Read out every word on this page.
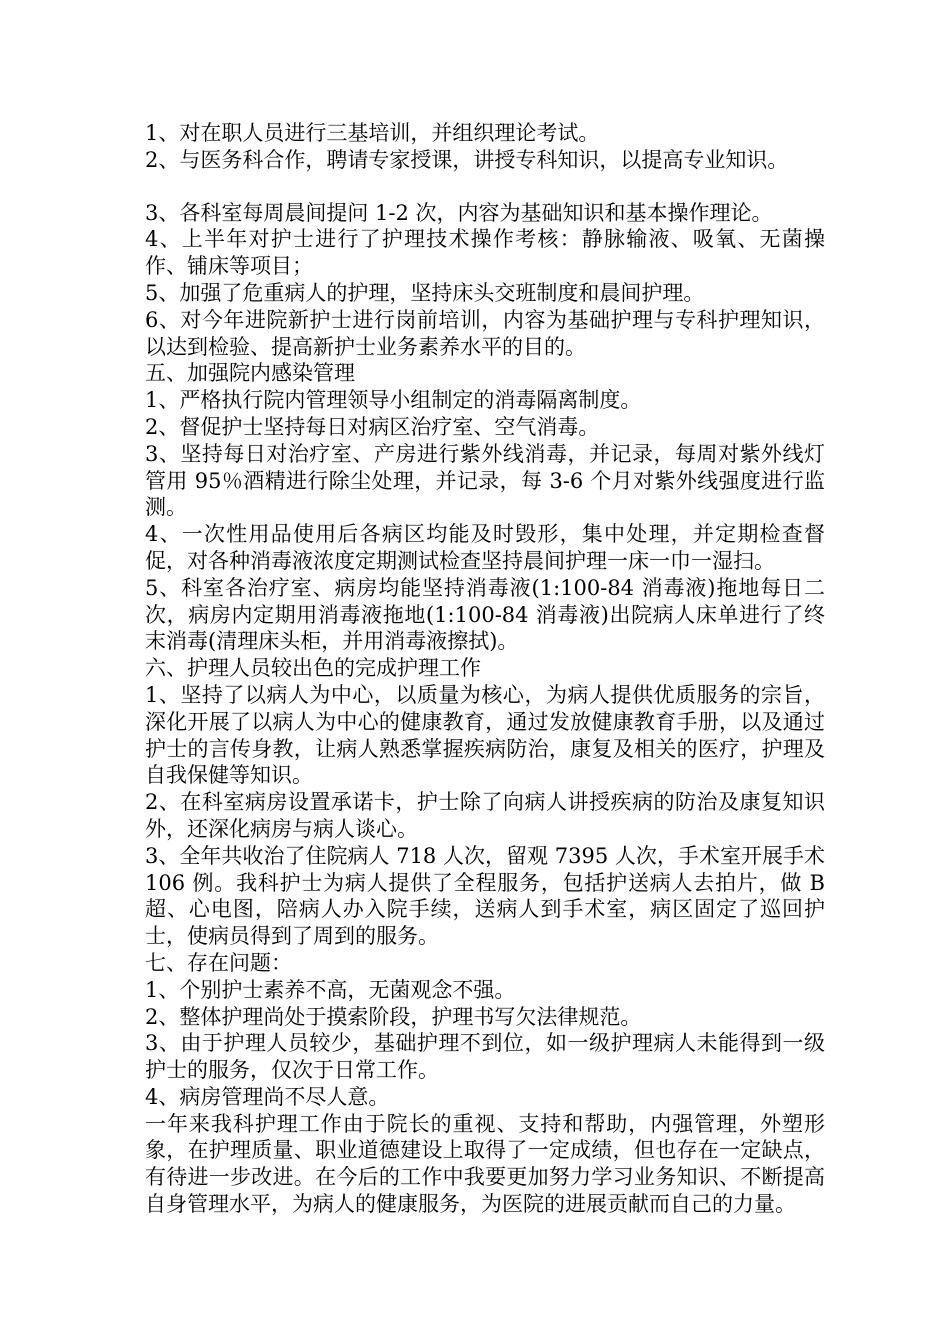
1、对在职人员进行三基培训，并组织理论考试。

2、与医务科合作，聘请专家授课，讲授专科知识，以提高专业知识。

3、各科室每周晨间提问 1-2 次，内容为基础知识和基本操作理论。

4、上半年对护士进行了护理技术操作考核：静脉输液、吸氧、无菌操作、铺床等项目；

5、加强了危重病人的护理，坚持床头交班制度和晨间护理。

6、对今年进院新护士进行岗前培训，内容为基础护理与专科护理知识，以达到检验、提高新护士业务素养水平的目的。

五、加强院内感染管理

1、严格执行院内管理领导小组制定的消毒隔离制度。

2、督促护士坚持每日对病区治疗室、空气消毒。

3、坚持每日对治疗室、产房进行紫外线消毒，并记录，每周对紫外线灯管用 95％酒精进行除尘处理，并记录，每 3-6 个月对紫外线强度进行监测。

4、一次性用品使用后各病区均能及时毁形，集中处理，并定期检查督促，对各种消毒液浓度定期测试检查坚持晨间护理一床一巾一湿扫。

5、科室各治疗室、病房均能坚持消毒液(1:100-84 消毒液)拖地每日二次，病房内定期用消毒液拖地(1:100-84 消毒液)出院病人床单进行了终末消毒(清理床头柜，并用消毒液擦拭)。

六、护理人员较出色的完成护理工作

1、坚持了以病人为中心，以质量为核心，为病人提供优质服务的宗旨，深化开展了以病人为中心的健康教育，通过发放健康教育手册，以及通过护士的言传身教，让病人熟悉掌握疾病防治，康复及相关的医疗，护理及自我保健等知识。

2、在科室病房设置承诺卡，护士除了向病人讲授疾病的防治及康复知识外，还深化病房与病人谈心。

3、全年共收治了住院病人 718 人次，留观 7395 人次，手术室开展手术 106 例。我科护士为病人提供了全程服务，包括护送病人去拍片，做 B 超、心电图，陪病人办入院手续，送病人到手术室，病区固定了巡回护士，使病员得到了周到的服务。

七、存在问题：

1、个别护士素养不高，无菌观念不强。

2、整体护理尚处于摸索阶段，护理书写欠法律规范。

3、由于护理人员较少，基础护理不到位，如一级护理病人未能得到一级护士的服务，仅次于日常工作。

4、病房管理尚不尽人意。

一年来我科护理工作由于院长的重视、支持和帮助，内强管理，外塑形象，在护理质量、职业道德建设上取得了一定成绩，但也存在一定缺点，有待进一步改进。在今后的工作中我要更加努力学习业务知识、不断提高自身管理水平，为病人的健康服务，为医院的进展贡献而自己的力量。
